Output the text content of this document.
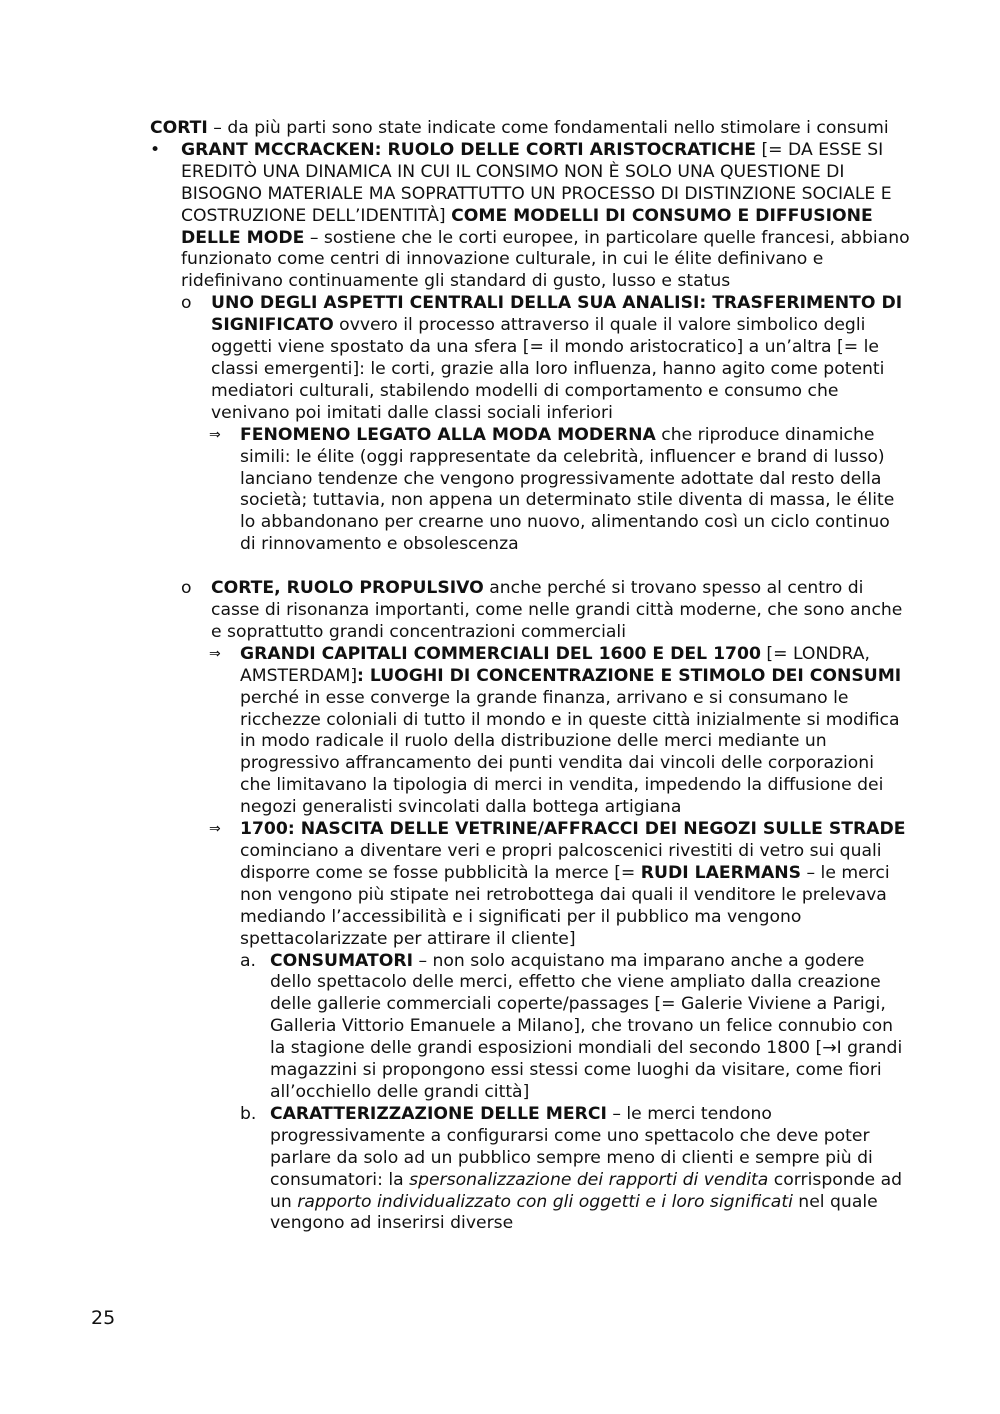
CORTI – da più parti sono state indicate come fondamentali nello stimolare i consumi

• GRANT MCCRACKEN: RUOLO DELLE CORTI ARISTOCRATICHE [= DA ESSE SI EREDITÒ UNA DINAMICA IN CUI IL CONSIMO NON È SOLO UNA QUESTIONE DI BISOGNO MATERIALE MA SOPRATTUTTO UN PROCESSO DI DISTINZIONE SOCIALE E COSTRUZIONE DELL’IDENTITÀ] COME MODELLI DI CONSUMO E DIFFUSIONE DELLE MODE – sostiene che le corti europee, in particolare quelle francesi, abbiano funzionato come centri di innovazione culturale, in cui le élite definivano e ridefinivano continuamente gli standard di gusto, lusso e status
o UNO DEGLI ASPETTI CENTRALI DELLA SUA ANALISI: TRASFERIMENTO DI SIGNIFICATO ovvero il processo attraverso il quale il valore simbolico degli oggetti viene spostato da una sfera [= il mondo aristocratico] a un’altra [= le classi emergenti]: le corti, grazie alla loro influenza, hanno agito come potenti mediatori culturali, stabilendo modelli di comportamento e consumo che venivano poi imitati dalle classi sociali inferiori
⇒ FENOMENO LEGATO ALLA MODA MODERNA che riproduce dinamiche simili: le élite (oggi rappresentate da celebrità, influencer e brand di lusso) lanciano tendenze che vengono progressivamente adottate dal resto della società; tuttavia, non appena un determinato stile diventa di massa, le élite lo abbandonano per crearne uno nuovo, alimentando così un ciclo continuo di rinnovamento e obsolescenza
o CORTE, RUOLO PROPULSIVO anche perché si trovano spesso al centro di casse di risonanza importanti, come nelle grandi città moderne, che sono anche e soprattutto grandi concentrazioni commerciali
⇒ GRANDI CAPITALI COMMERCIALI DEL 1600 E DEL 1700 [= LONDRA, AMSTERDAM]: LUOGHI DI CONCENTRAZIONE E STIMOLO DEI CONSUMI perché in esse converge la grande finanza, arrivano e si consumano le ricchezze coloniali di tutto il mondo e in queste città inizialmente si modifica in modo radicale il ruolo della distribuzione delle merci mediante un progressivo affrancamento dei punti vendita dai vincoli delle corporazioni che limitavano la tipologia di merci in vendita, impedendo la diffusione dei negozi generalisti svincolati dalla bottega artigiana
⇒ 1700: NASCITA DELLE VETRINE/AFFRACCI DEI NEGOZI SULLE STRADE cominciano a diventare veri e propri palcoscenici rivestiti di vetro sui quali disporre come se fosse pubblicità la merce [= RUDI LAERMANS – le merci non vengono più stipate nei retrobottega dai quali il venditore le prelevava mediando l’accessibilità e i significati per il pubblico ma vengono spettacolarizzate per attirare il cliente]
a. CONSUMATORI – non solo acquistano ma imparano anche a godere dello spettacolo delle merci, effetto che viene ampliato dalla creazione delle gallerie commerciali coperte/passages [= Galerie Viviene a Parigi, Galleria Vittorio Emanuele a Milano], che trovano un felice connubio con la stagione delle grandi esposizioni mondiali del secondo 1800 [→I grandi magazzini si propongono essi stessi come luoghi da visitare, come fiori all’occhiello delle grandi città]
b. CARATTERIZZAZIONE DELLE MERCI – le merci tendono progressivamente a configurarsi come uno spettacolo che deve poter parlare da solo ad un pubblico sempre meno di clienti e sempre più di consumatori: la spersonalizzazione dei rapporti di vendita corrisponde ad un rapporto individualizzato con gli oggetti e i loro significati nel quale vengono ad inserirsi diverse
25
